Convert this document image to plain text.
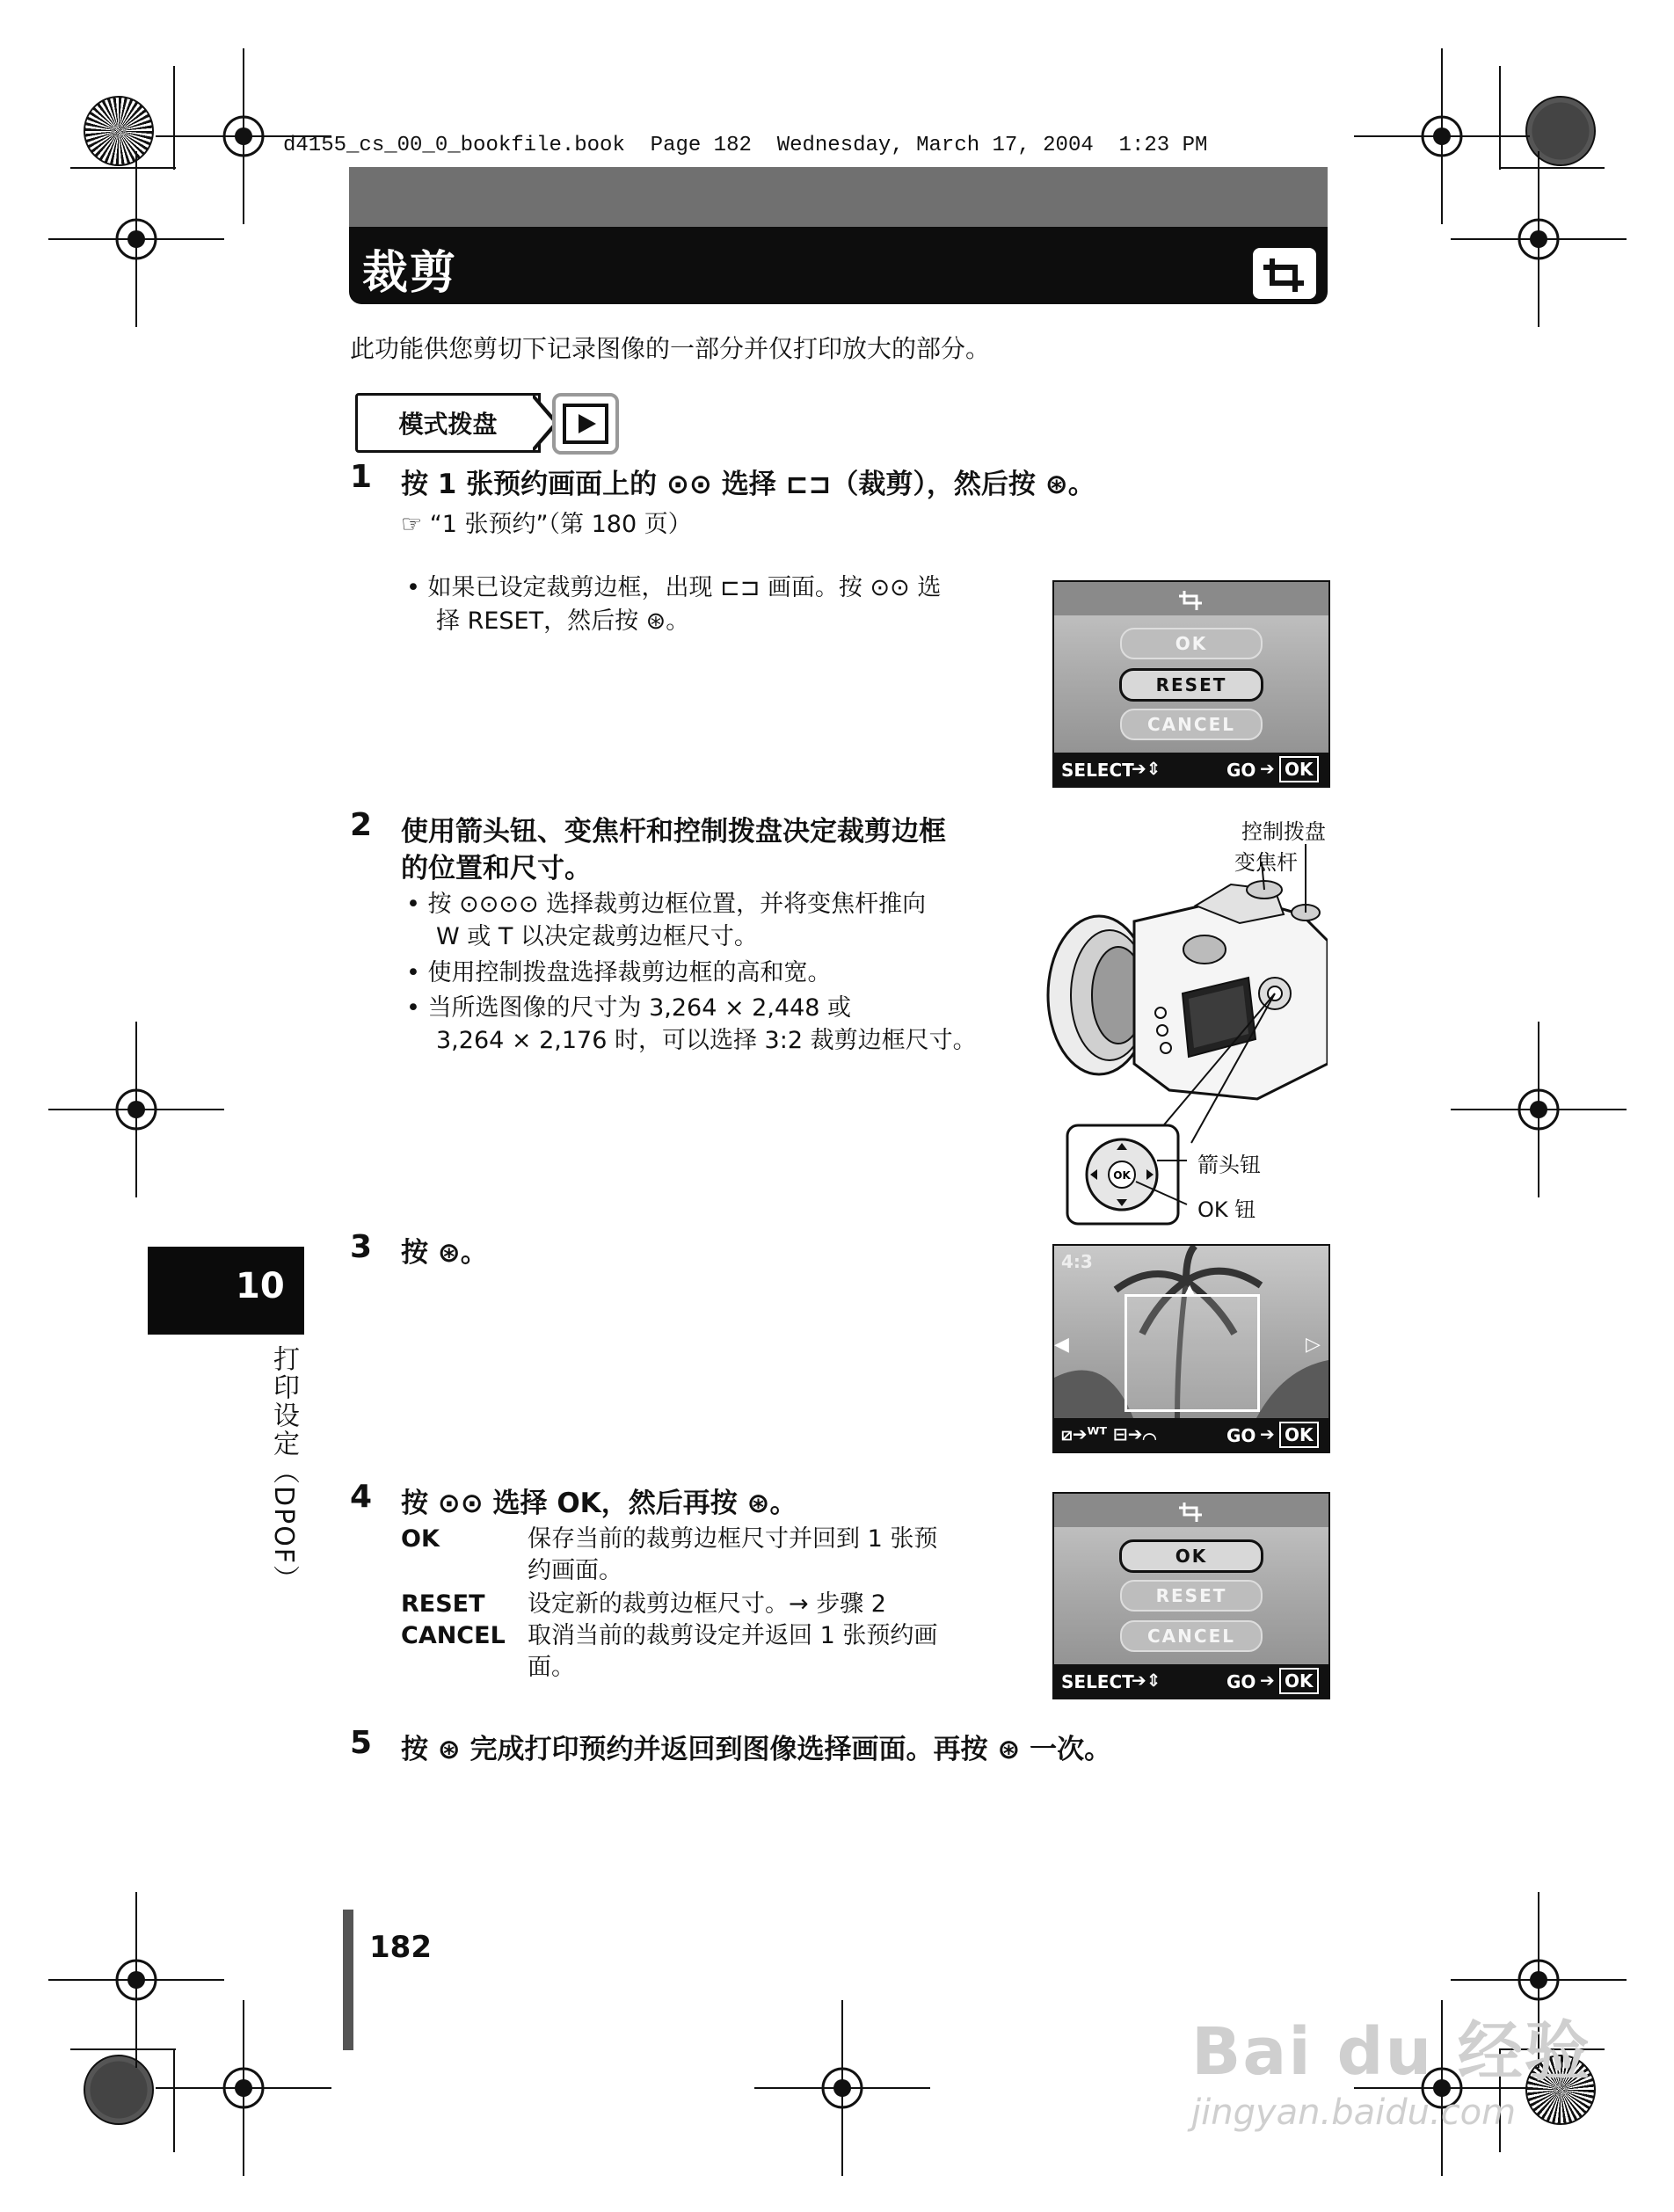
d4155_cs_00_0_bookfile.book  Page 182  Wednesday, March 17, 2004  1:23 PM
裁剪
此功能供您剪切下记录图像的一部分并仅打印放大的部分。
模式拨盘
1 按 1 张预约画面上的 ⊙⊙ 选择 ⊏⊐（裁剪），然后按 ⊛。
☞ “1 张预约”（第 180 页）
• 如果已设定裁剪边框，出现 ⊏⊐ 画面。按 ⊙⊙ 选
择 RESET，然后按 ⊛。
OK
RESET
CANCEL
SELECT
➔⇕	GO ➔ OK
2 使用箭头钮、变焦杆和控制拨盘决定裁剪边框
的位置和尺寸。
• 按 ⊙⊙⊙⊙ 选择裁剪边框位置，并将变焦杆推向
W 或 T 以决定裁剪边框尺寸。
• 使用控制拨盘选择裁剪边框的高和宽。
• 当所选图像的尺寸为 3,264 × 2,448 或
3,264 × 2,176 时，可以选择 3:2 裁剪边框尺寸。
OK
控制拨盘
变焦杆
箭头钮
OK 钮
3 按 ⊛。	4:3
▲
◀	▷
⧄➔ᵂᵀ ⊟➔⌒	GO ➔ OK
4 按 ⊙⊙ 选择 OK，然后再按 ⊛。
OK	保存当前的裁剪边框尺寸并回到 1 张预
约画面。
RESET 设定新的裁剪边框尺寸。→ 步骤 2
CANCEL 取消当前的裁剪设定并返回 1 张预约画
面。
OK
RESET
CANCEL
SELECT
➔⇕	GO ➔ OK
5 按 ⊛ 完成打印预约并返回到图像选择画面。再按 ⊛ 一次。
10
打印设定（DPOF）
182
Bai du 经验
jingyan.baidu.com
